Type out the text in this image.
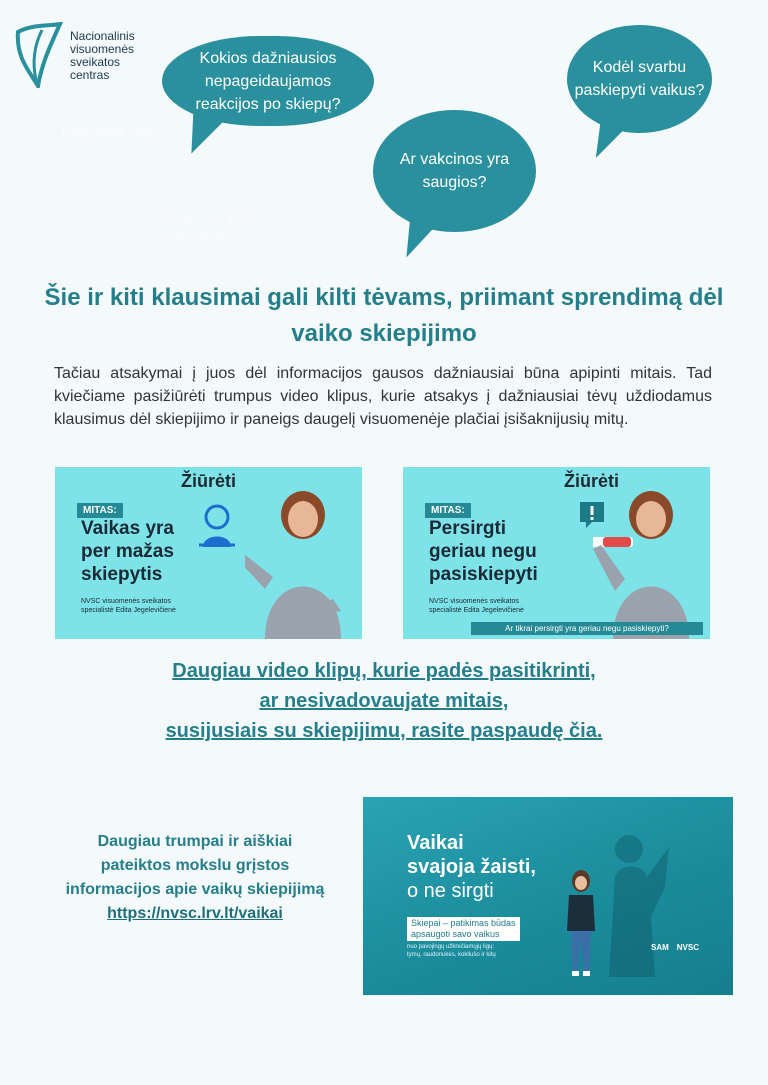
Nacionalinis
visuomenės
sveikatos
centras
Kaip veikia vakc
Ar vakcinos yra
veiksmingos?
Kokios dažniausios nepageidaujamos reakcijos po skiepų?
Kodėl svarbu paskiepyti vaikus?
Ar vakcinos yra saugios?
Šie ir kiti klausimai gali kilti tėvams, priimant sprendimą dėl vaiko skiepijimo

Tačiau atsakymai į juos dėl informacijos gausos dažniausiai būna apipinti mitais. Tad kviečiame pasižiūrėti trumpus video klipus, kurie atsakys į dažniausiai tėvų uždiodamus klausimus dėl skiepijimo ir paneigs daugelį visuomenėje plačiai įsišaknijusių mitų.

Žiūrėti
MITAS:
Vaikas yra
per mažas
skiepytis
NVSC visuomenės sveikatos
specialistė Edita Jegelevičienė
Žiūrėti
MITAS:
Persirgti
geriau negu
pasiskiepyti
NVSC visuomenės sveikatos
specialistė Edita Jegelevičienė
Ar tikrai persirgti yra geriau negu pasiskiepyti?
Daugiau video klipų, kurie padės pasitikrinti,
ar nesivadovaujate mitais,
susijusiais su skiepijimu, rasite paspaudę čia.
Daugiau trumpai ir aiškiai
pateiktos mokslu grįstos
informacijos apie vaikų skiepijimą
https://nvsc.lrv.lt/vaikai
Vaikai
svajoja žaisti,
o ne sirgti
Skiepai – patikimas būdas
apsaugoti savo vaikus
nuo pavojingų užkrečiamųjų ligų:
tymų, raudonukės, kokliušo ir kitų
SAM NVSC
